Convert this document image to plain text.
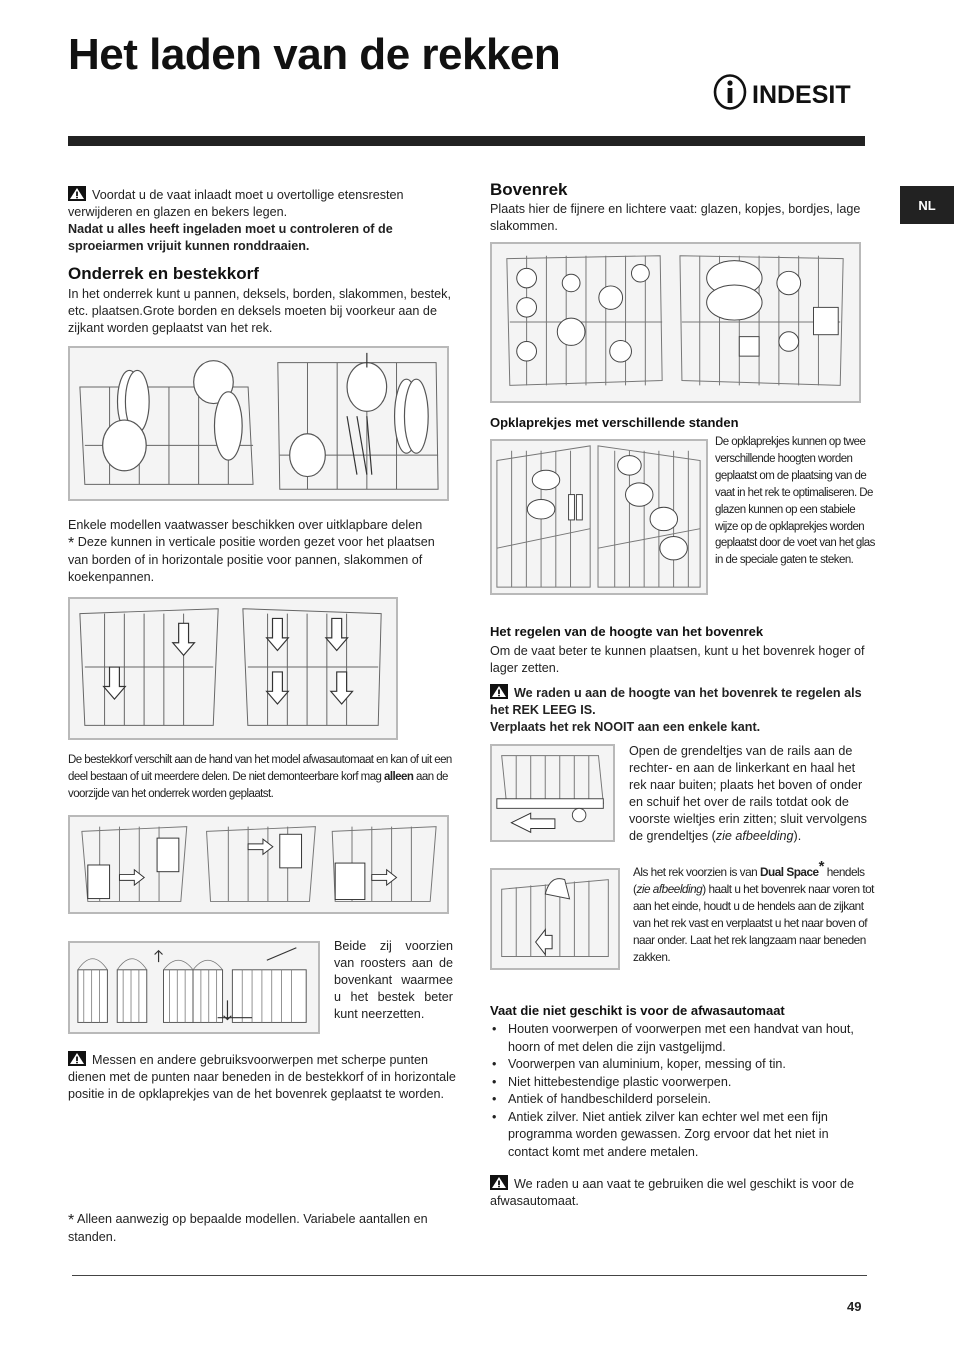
Het laden van de rekken
INDESIT
NL

Voordat u de vaat inlaadt moet u overtollige etensresten verwijderen en glazen en bekers legen.

Nadat u alles heeft ingeladen moet u controleren of de sproeiarmen vrijuit kunnen ronddraaien.

Onderrek en bestekkorf
In het onderrek kunt u pannen, deksels, borden, slakommen, bestek, etc. plaatsen.Grote borden en deksels moeten bij voorkeur aan de zijkant worden geplaatst van het rek.
Enkele modellen vaatwasser beschikken over uitklapbare delen
* Deze kunnen in verticale positie worden gezet voor het plaatsen van borden of in horizontale positie voor pannen, slakommen of koekenpannen.
De bestekkorf verschilt aan de hand van het model afwasautomaat en kan of uit een deel bestaan of uit meerdere delen. De niet demonteerbare korf mag alleen aan de voorzijde van het onderrek worden geplaatst.
Beide zij voorzien van roosters aan de bovenkant waarmee u het bestek beter kunt neerzetten.
Messen en andere gebruiksvoorwerpen met scherpe punten dienen met de punten naar beneden in de bestekkorf of in horizontale positie in de opklaprekjes van de het bovenrek geplaatst te worden.
* Alleen aanwezig op bepaalde modellen. Variabele aantallen en standen.
Bovenrek
Plaats hier de fijnere en lichtere vaat: glazen, kopjes, bordjes, lage slakommen.
Opklaprekjes met verschillende standen
De opklaprekjes kunnen op twee verschillende hoogten worden geplaatst om de plaatsing van de vaat in het rek te optimaliseren. De glazen kunnen op een stabiele wijze op de opklaprekjes worden geplaatst door de voet van het glas in de speciale gaten te steken.
Het regelen van de hoogte van het bovenrek
Om de vaat beter te kunnen plaatsen, kunt u het bovenrek hoger of lager zetten.
We raden u aan de hoogte van het bovenrek te regelen als het REK LEEG IS.
Verplaats het rek NOOIT aan een enkele kant.
Open de grendeltjes van de rails aan de rechter- en aan de linkerkant en haal het rek naar buiten; plaats het boven of onder en schuif het over de rails totdat ook de voorste wieltjes erin zitten; sluit vervolgens de grendeltjes (zie afbeelding).
Als het rek voorzien is van Dual Space* hendels (zie afbeelding) haalt u het bovenrek naar voren tot aan het einde, houdt u de hendels aan de zijkant van het rek vast en verplaatst u het naar boven of naar onder. Laat het rek langzaam naar beneden zakken.
Vaat die niet geschikt is voor de afwasautomaat
• Houten voorwerpen of voorwerpen met een handvat van hout, hoorn of met delen die zijn vastgelijmd.
• Voorwerpen van aluminium, koper, messing of tin.
• Niet hittebestendige plastic voorwerpen.
• Antiek of handbeschilderd porselein.
• Antiek zilver. Niet antiek zilver kan echter wel met een fijn programma worden gewassen. Zorg ervoor dat het niet in contact komt met andere metalen.
We raden u aan vaat te gebruiken die wel geschikt is voor de afwasautomaat.
49
